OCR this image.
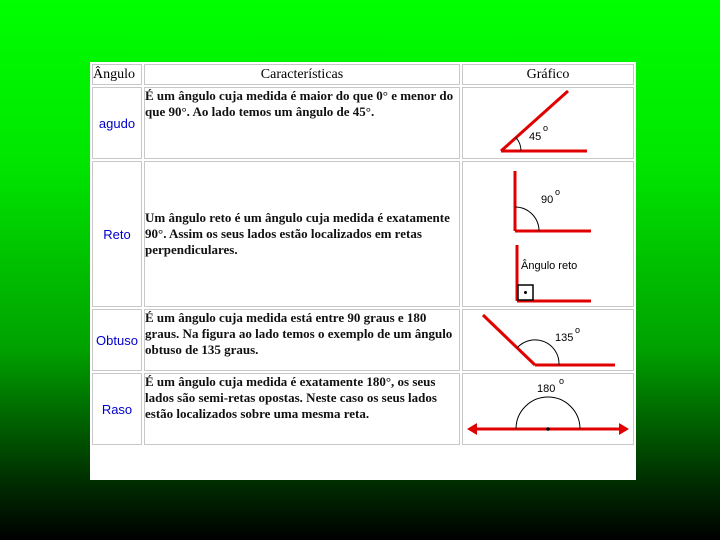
Ângulo	Características	Gráfico
agudo	É um ângulo cuja medida é maior do que 0° e menor do que 90°. Ao lado temos um ângulo de 45°.	45
o

Reto	Um ângulo reto é um ângulo cuja medida é exatamente 90°. Assim os seus lados estão localizados em retas perpendiculares.	90
o
Ângulo reto

Obtuso	É um ângulo cuja medida está entre 90 graus e 180 graus. Na figura ao lado temos o exemplo de um ângulo obtuso de 135 graus.	135
o

Raso	É um ângulo cuja medida é exatamente 180°, os seus lados são semi-retas opostas. Neste caso os seus lados estão localizados sobre uma mesma reta.	180
o
